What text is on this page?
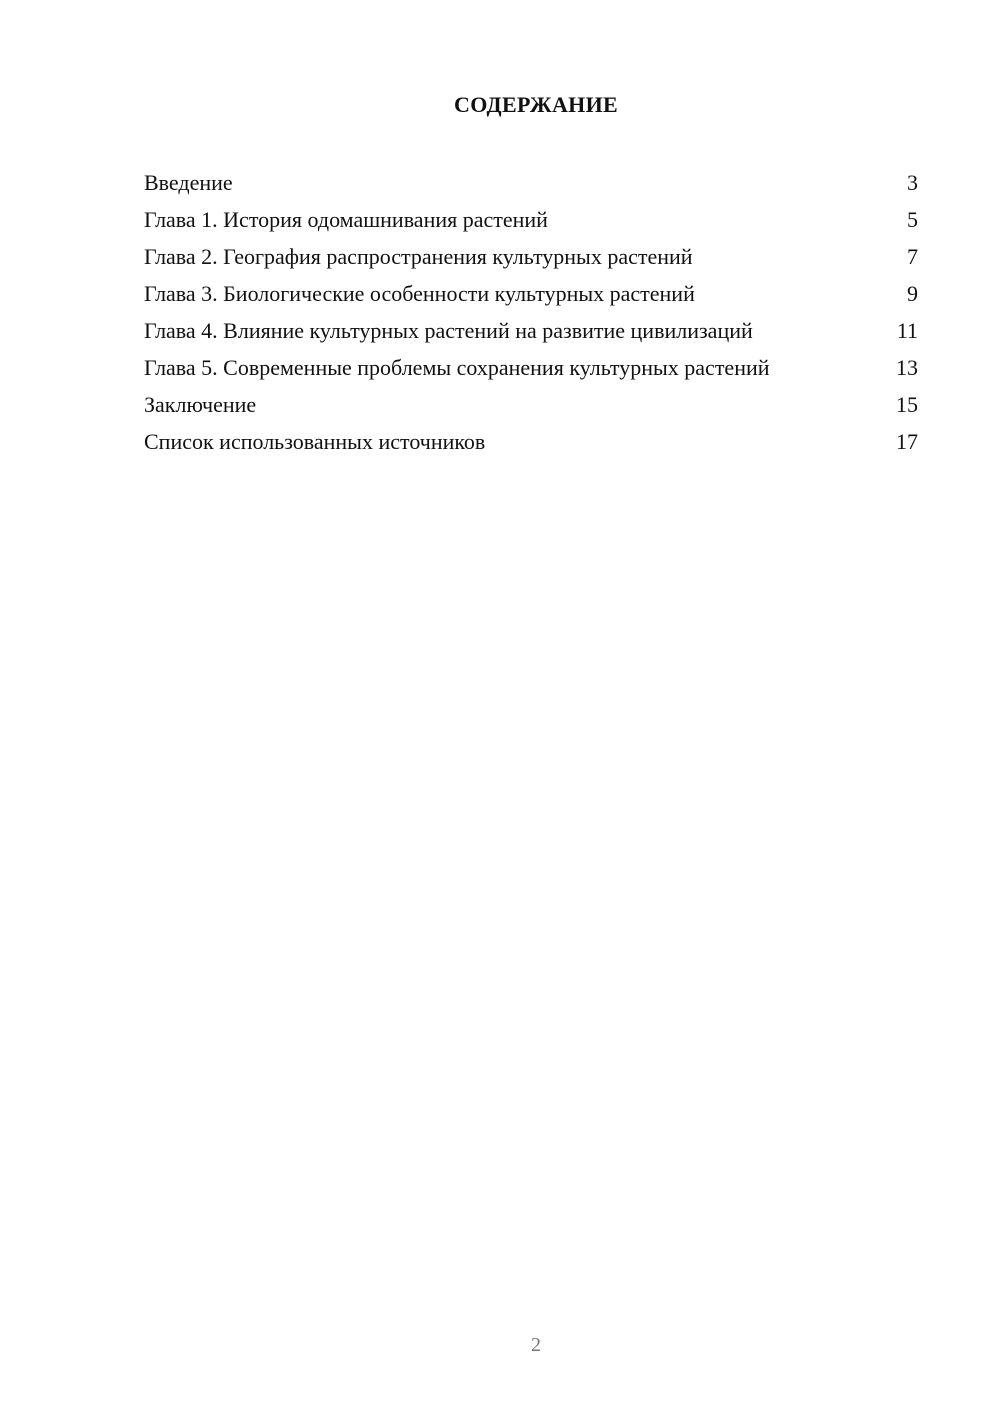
СОДЕРЖАНИЕ
Введение	3
Глава 1. История одомашнивания растений	5
Глава 2. География распространения культурных растений	7
Глава 3. Биологические особенности культурных растений	9
Глава 4. Влияние культурных растений на развитие цивилизаций	11
Глава 5. Современные проблемы сохранения культурных растений	13
Заключение	15
Список использованных источников	17
2
